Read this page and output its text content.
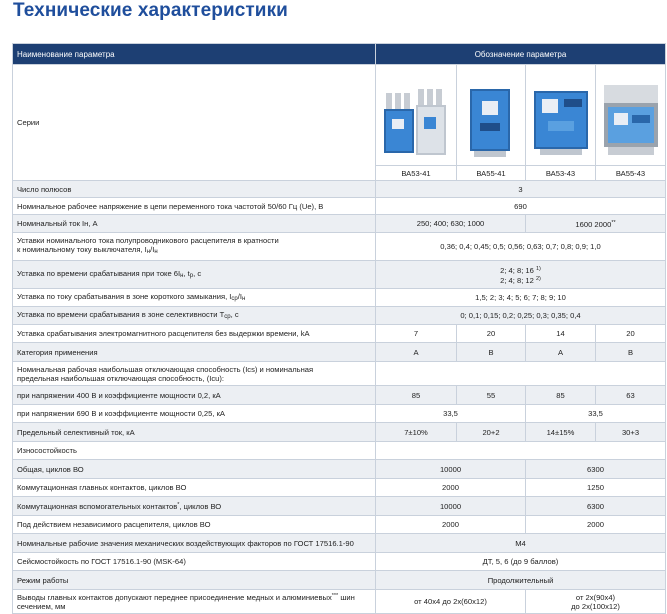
Технические характеристики
Наименование параметра	Обозначение параметра			
Серии	

	ВА53-41	ВА55-41	ВА53-43	ВА55-43
Число полюсов	3			
Номинальное рабочее напряжение в цепи переменного тока частотой 50/60 Гц (Ue), В	690			
Номинальный ток Iн, А	250; 400; 630; 1000		1600 2000**
Уставки номинального тока полупроводникового расцепителя в кратности
к номинальному току выключателя, $I_н/I_н$	0,36; 0,4; 0,45; 0,5; 0,56; 0,63; 0,7; 0,8; 0,9; 1,0			
Уставка по времени срабатывания при токе $6I_н$, $t_р$, с	2; 4; 8; 16 $^{1)}$
2; 4; 8; 12 $^{2)}$
Уставка по току срабатывания в зоне короткого замыкания, $I_{ср}/I_н$	1,5; 2; 3; 4; 5; 6; 7; 8; 9; 10			
Уставка по времени срабатывания в зоне селективности $T_{ср}$, с	0; 0,1; 0,15; 0,2; 0,25; 0,3; 0,35; 0,4			
Уставка срабатывания электромагнитного расцепителя без выдержки времени, kA	7	20	14	20
Категория применения	А	В	А	В
Номинальная рабочая наибольшая отключающая способность (Ics) и номинальная
предельная наибольшая отключающая способность, (Icu):				
при напряжении 400 В и коэффициенте мощности 0,2, кА	85	55	85	63
при напряжении 690 В и коэффициенте мощности 0,25, кА	33,5		33,5	
Предельный селективный ток, кА	7±10%	20+2	14±15%	30+3
Износостойкость				
Общая, циклов ВО	10000		6300	
Коммутационная главных контактов, циклов ВО	2000		1250	
Коммутационная вспомогательных контактов*, циклов ВО	10000		6300	
Под действием независимого расцепителя, циклов ВО	2000		2000	
Номинальные рабочие значения механических воздействующих факторов по ГОСТ 17516.1-90	М4			
Сейсмостойкость по ГОСТ 17516.1-90 (MSK-64)	ДТ, 5, 6 (до 9 баллов)			
Режим работы	Продолжительный			
Выводы главных контактов допускают переднее присоединение медных и алюминиевых*** шин
сечением, мм	от 40х4 до 2х(60х12)		от 2х(90х4)
до 2х(100х12)	
